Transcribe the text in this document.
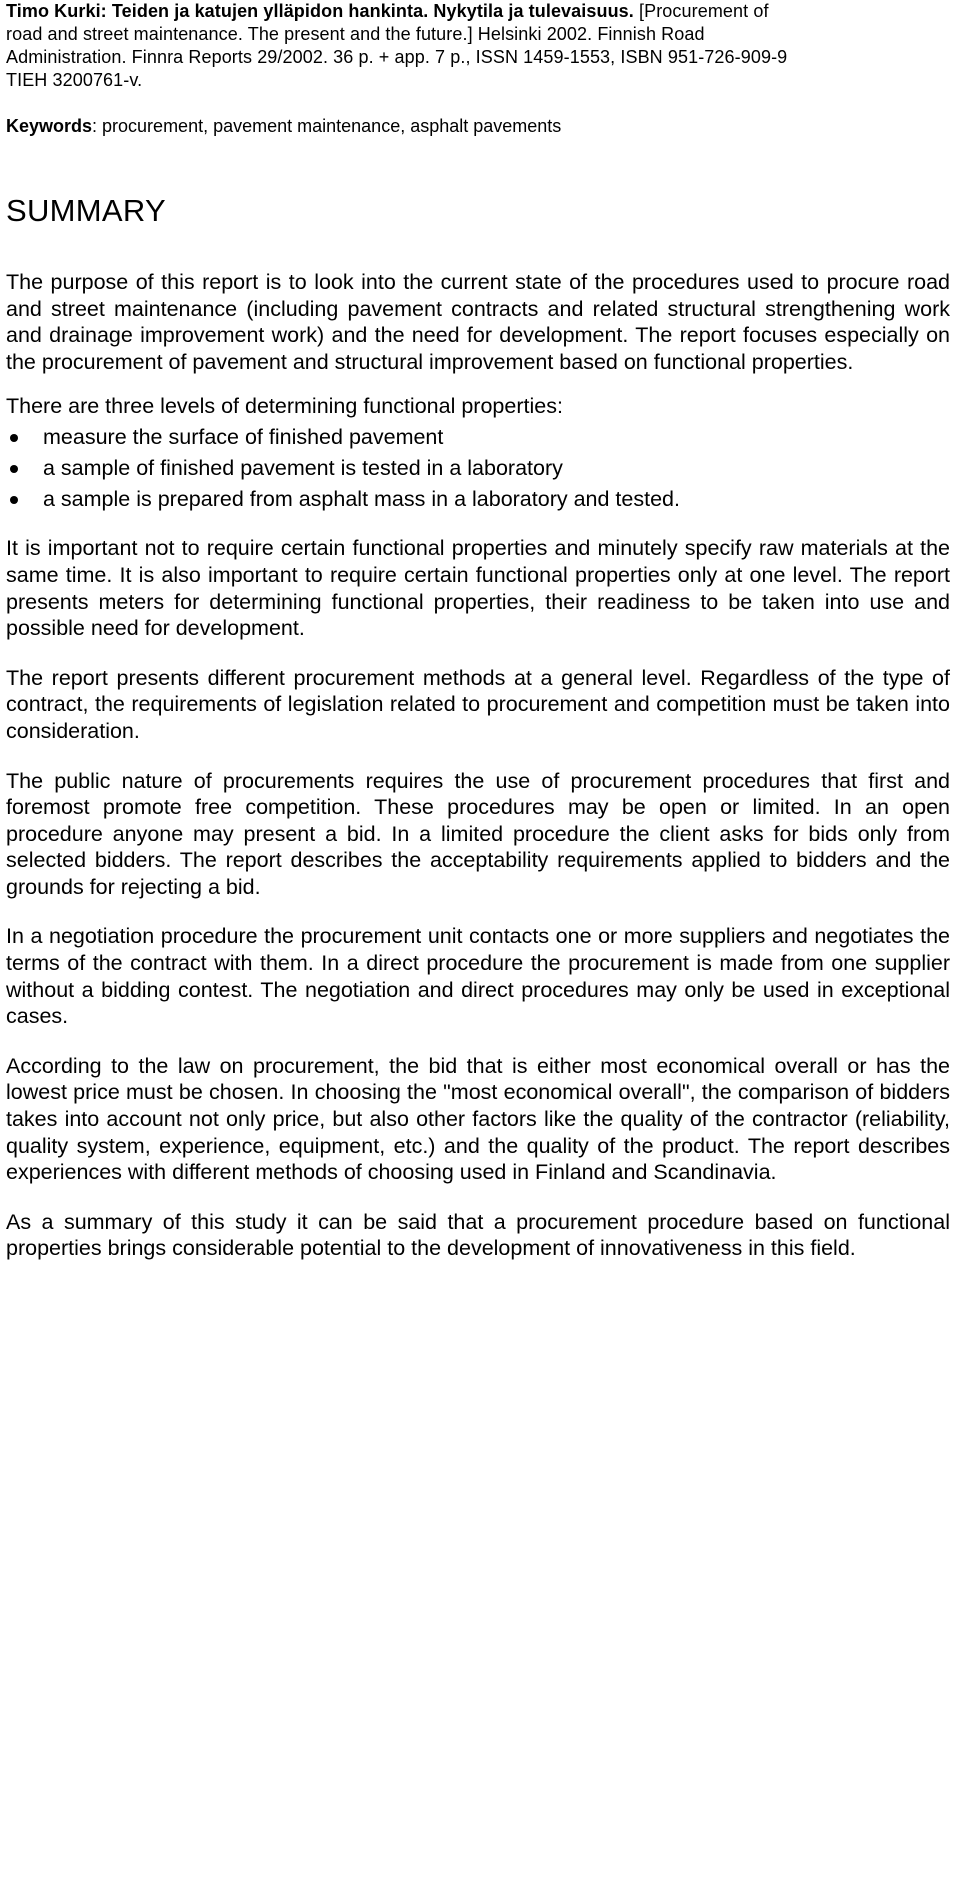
Timo Kurki: Teiden ja katujen ylläpidon hankinta. Nykytila ja tulevaisuus. [Procurement of road and street maintenance. The present and the future.] Helsinki 2002. Finnish Road Administration. Finnra Reports 29/2002. 36 p. + app. 7 p., ISSN 1459-1553, ISBN 951-726-909-9 TIEH 3200761-v.

Keywords: procurement, pavement maintenance, asphalt pavements

SUMMARY

The purpose of this report is to look into the current state of the procedures used to procure road and street maintenance (including pavement contracts and related structural strengthening work and drainage improvement work) and the need for development. The report focuses especially on the procurement of pavement and structural improvement based on functional properties.

There are three levels of determining functional properties:

measure the surface of finished pavement
a sample of finished pavement is tested in a laboratory
a sample is prepared from asphalt mass in a laboratory and tested.

It is important not to require certain functional properties and minutely specify raw materials at the same time. It is also important to require certain functional properties only at one level. The report presents meters for determining functional properties, their readiness to be taken into use and possible need for development.

The report presents different procurement methods at a general level. Regardless of the type of contract, the requirements of legislation related to procurement and competition must be taken into consideration.

The public nature of procurements requires the use of procurement procedures that first and foremost promote free competition. These procedures may be open or limited. In an open procedure anyone may present a bid. In a limited procedure the client asks for bids only from selected bidders. The report describes the acceptability requirements applied to bidders and the grounds for rejecting a bid.

In a negotiation procedure the procurement unit contacts one or more suppliers and negotiates the terms of the contract with them. In a direct procedure the procurement is made from one supplier without a bidding contest. The negotiation and direct procedures may only be used in exceptional cases.

According to the law on procurement, the bid that is either most economical overall or has the lowest price must be chosen. In choosing the "most economical overall", the comparison of bidders takes into account not only price, but also other factors like the quality of the contractor (reliability, quality system, experience, equipment, etc.) and the quality of the product. The report describes experiences with different methods of choosing used in Finland and Scandinavia.

As a summary of this study it can be said that a procurement procedure based on functional properties brings considerable potential to the development of innovativeness in this field.
